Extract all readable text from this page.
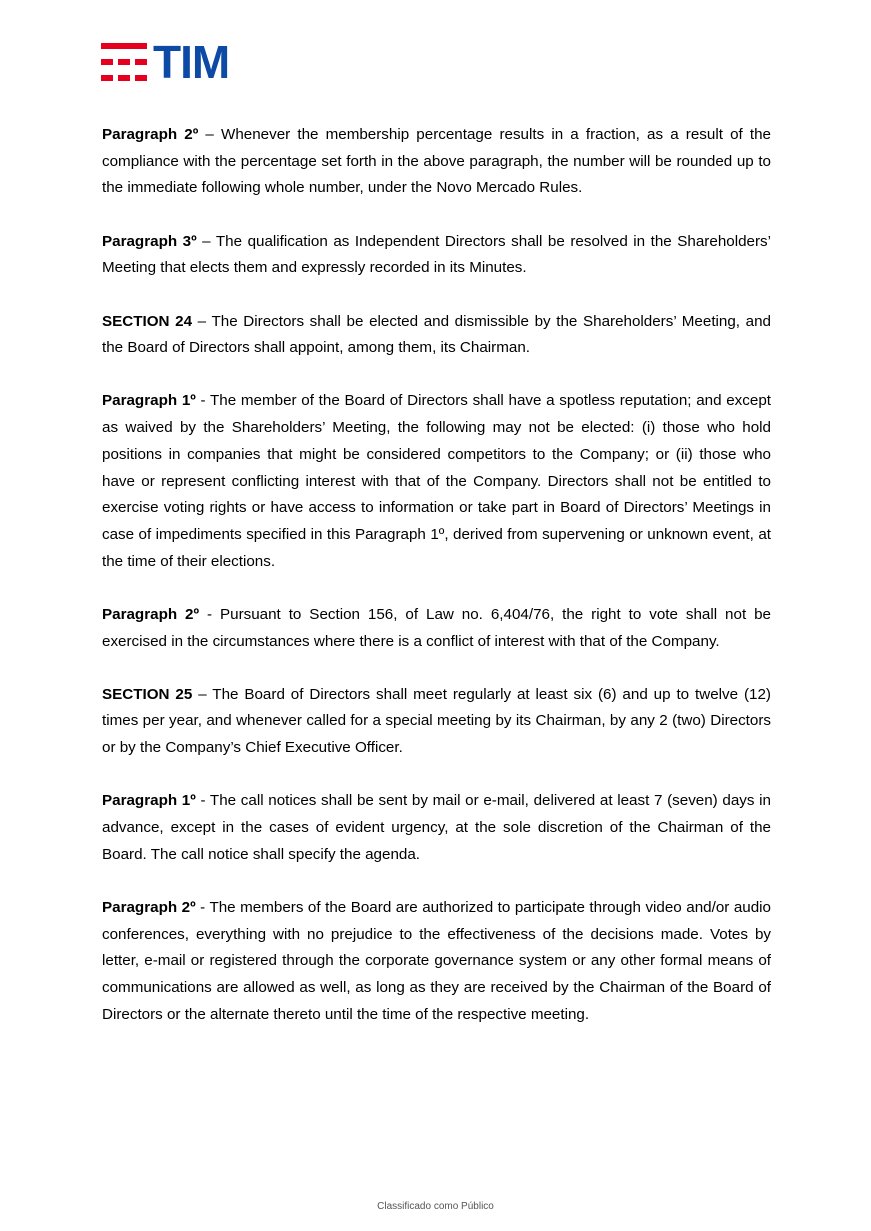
TIM

Paragraph 2º – Whenever the membership percentage results in a fraction, as a result of the compliance with the percentage set forth in the above paragraph, the number will be rounded up to the immediate following whole number, under the Novo Mercado Rules.

Paragraph 3º – The qualification as Independent Directors shall be resolved in the Shareholders’ Meeting that elects them and expressly recorded in its Minutes.

SECTION 24 – The Directors shall be elected and dismissible by the Shareholders’ Meeting, and the Board of Directors shall appoint, among them, its Chairman.

Paragraph 1º - The member of the Board of Directors shall have a spotless reputation; and except as waived by the Shareholders’ Meeting, the following may not be elected: (i) those who hold positions in companies that might be considered competitors to the Company; or (ii) those who have or represent conflicting interest with that of the Company. Directors shall not be entitled to exercise voting rights or have access to information or take part in Board of Directors’ Meetings in case of impediments specified in this Paragraph 1º, derived from supervening or unknown event, at the time of their elections.

Paragraph 2º - Pursuant to Section 156, of Law no. 6,404/76, the right to vote shall not be exercised in the circumstances where there is a conflict of interest with that of the Company.

SECTION 25 – The Board of Directors shall meet regularly at least six (6) and up to twelve (12) times per year, and whenever called for a special meeting by its Chairman, by any 2 (two) Directors or by the Company’s Chief Executive Officer.

Paragraph 1º - The call notices shall be sent by mail or e-mail, delivered at least 7 (seven) days in advance, except in the cases of evident urgency, at the sole discretion of the Chairman of the Board. The call notice shall specify the agenda.

Paragraph 2º - The members of the Board are authorized to participate through video and/or audio conferences, everything with no prejudice to the effectiveness of the decisions made. Votes by letter, e-mail or registered through the corporate governance system or any other formal means of communications are allowed as well, as long as they are received by the Chairman of the Board of Directors or the alternate thereto until the time of the respective meeting.

Classificado como Público
